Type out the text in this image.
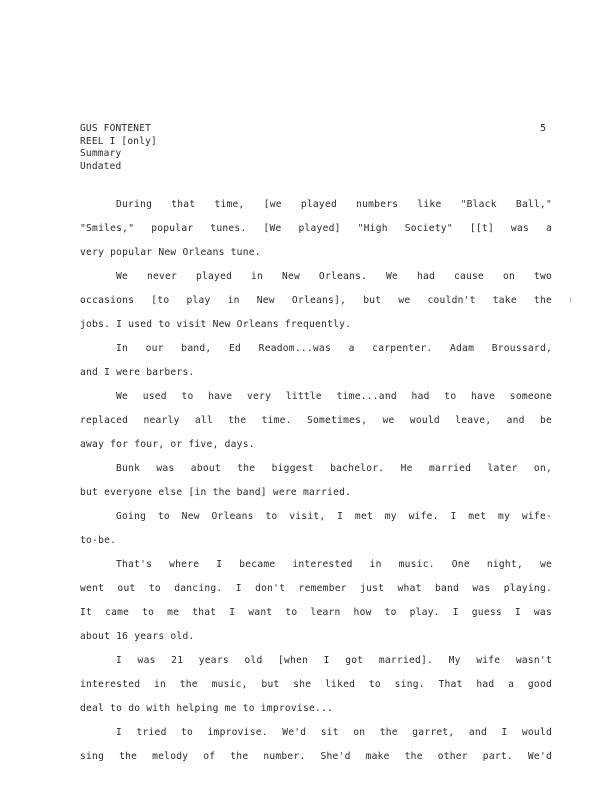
GUS FONTENET
REEL I [only]
Summary
Undated
5
During that time, [we played numbers like "Black Ball,"
"Smiles," popular tunes. [We played] "High Society" [[t] was a
very popular New Orleans tune.
We never played in New Orleans. We had cause on two
occasions [to play in New Orleans], but we couldn't take the
jobs. I used to visit New Orleans frequently.
In our band, Ed Readom...was a carpenter. Adam Broussard,
and I were barbers.
We used to have very little time...and had to have someone
replaced nearly all the time. Sometimes, we would leave, and be
away for four, or five, days.
Bunk was about the biggest bachelor. He married later on,
but everyone else [in the band] were married.
Going to New Orleans to visit, I met my wife. I met my wife-
to-be.
That's where I became interested in music. One night, we
went out to dancing. I don't remember just what band was playing.
It came to me that I want to learn how to play. I guess I was
about 16 years old.
I was 21 years old [when I got married]. My wife wasn't
interested in the music, but she liked to sing. That had a good
deal to do with helping me to improvise...
I tried to improvise. We'd sit on the garret, and I would
sing the melody of the number. She'd make the other part. We'd
